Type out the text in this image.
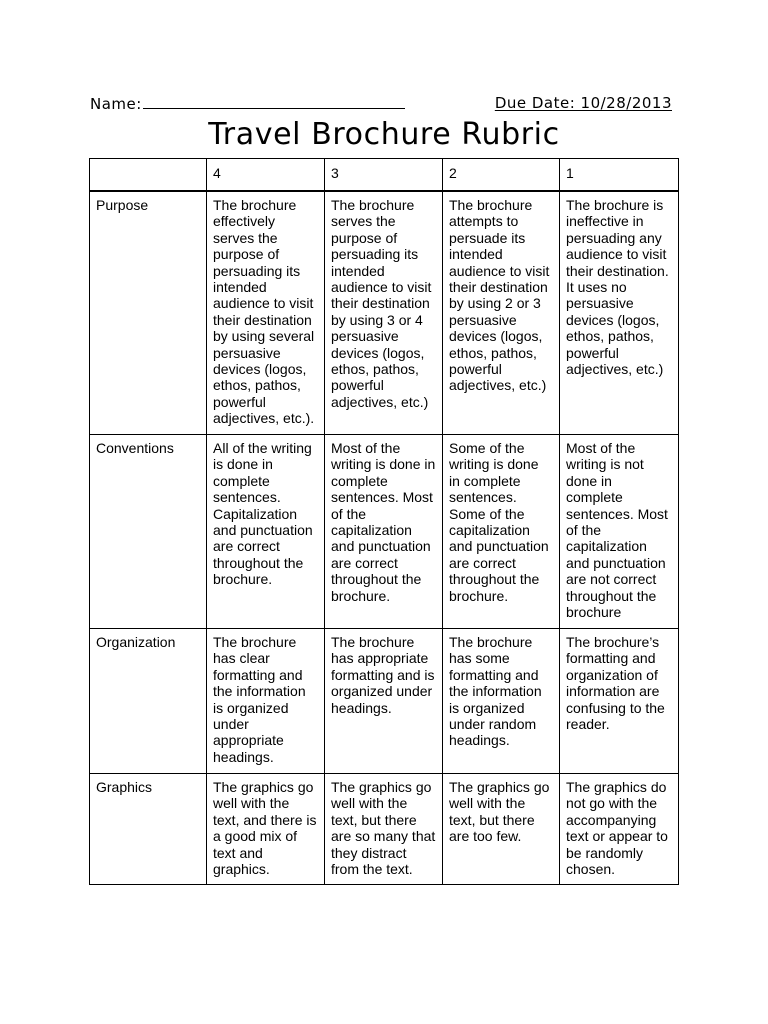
Name:	Due Date: 10/28/2013
Travel Brochure Rubric
	4	3	2	1
Purpose	The brochure effectively serves the purpose of persuading its intended audience to visit their destination by using several persuasive devices (logos, ethos, pathos, powerful adjectives, etc.).	The brochure serves the purpose of persuading its intended audience to visit their destination by using 3 or 4 persuasive devices (logos, ethos, pathos, powerful adjectives, etc.)	The brochure attempts to persuade its intended audience to visit their destination by using 2 or 3 persuasive devices (logos, ethos, pathos, powerful adjectives, etc.)	The brochure is ineffective in persuading any audience to visit their destination. It uses no persuasive devices (logos, ethos, pathos, powerful adjectives, etc.)
Conventions	All of the writing is done in complete sentences. Capitalization and punctuation are correct throughout the brochure.	Most of the writing is done in complete sentences. Most of the capitalization and punctuation are correct throughout the brochure.	Some of the writing is done in complete sentences. Some of the capitalization and punctuation are correct throughout the brochure.	Most of the writing is not done in complete sentences. Most of the capitalization and punctuation are not correct throughout the brochure
Organization	The brochure has clear formatting and the information is organized under appropriate headings.	The brochure has appropriate formatting and is organized under headings.	The brochure has some formatting and the information is organized under random headings.	The brochure’s formatting and organization of information are confusing to the reader.
Graphics	The graphics go well with the text, and there is a good mix of text and graphics.	The graphics go well with the text, but there are so many that they distract from the text.	The graphics go well with the text, but there are too few.	The graphics do not go with the accompanying text or appear to be randomly chosen.
